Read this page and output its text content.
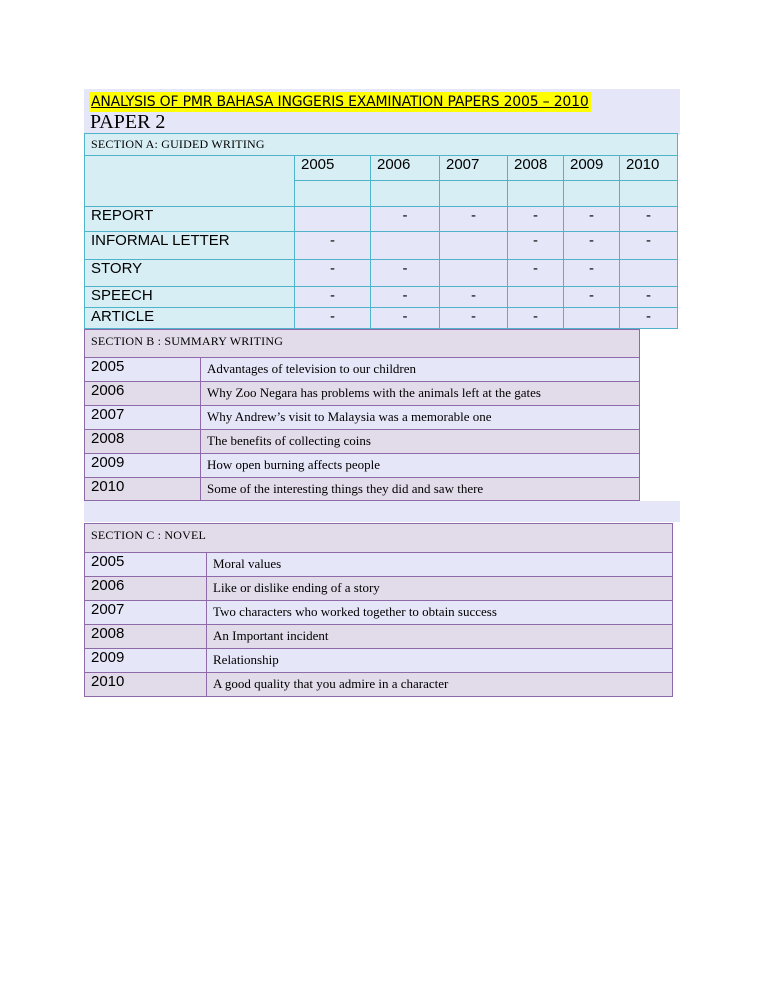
ANALYSIS OF PMR BAHASA INGGERIS EXAMINATION PAPERS 2005 – 2010
PAPER 2
SECTION A: GUIDED WRITING						
	2005	2006	2007	2008	2009	2010

REPORT		-	-	-	-	-
INFORMAL LETTER	-			-	-	-
STORY	-	-		-	-	
SPEECH	-	-	-		-	-
ARTICLE	-	-	-	-		-
SECTION B : SUMMARY WRITING	
2005	Advantages of television to our children
2006	Why Zoo Negara has problems with the animals left at the gates
2007	Why Andrew’s visit to Malaysia was a memorable one
2008	The benefits of collecting coins
2009	How open burning affects people
2010	Some of the interesting things they did and saw there
SECTION C : NOVEL	
2005	Moral values
2006	Like or dislike ending of a story
2007	Two characters who worked together to obtain success
2008	An Important incident
2009	Relationship
2010	A good quality that you admire in a character
